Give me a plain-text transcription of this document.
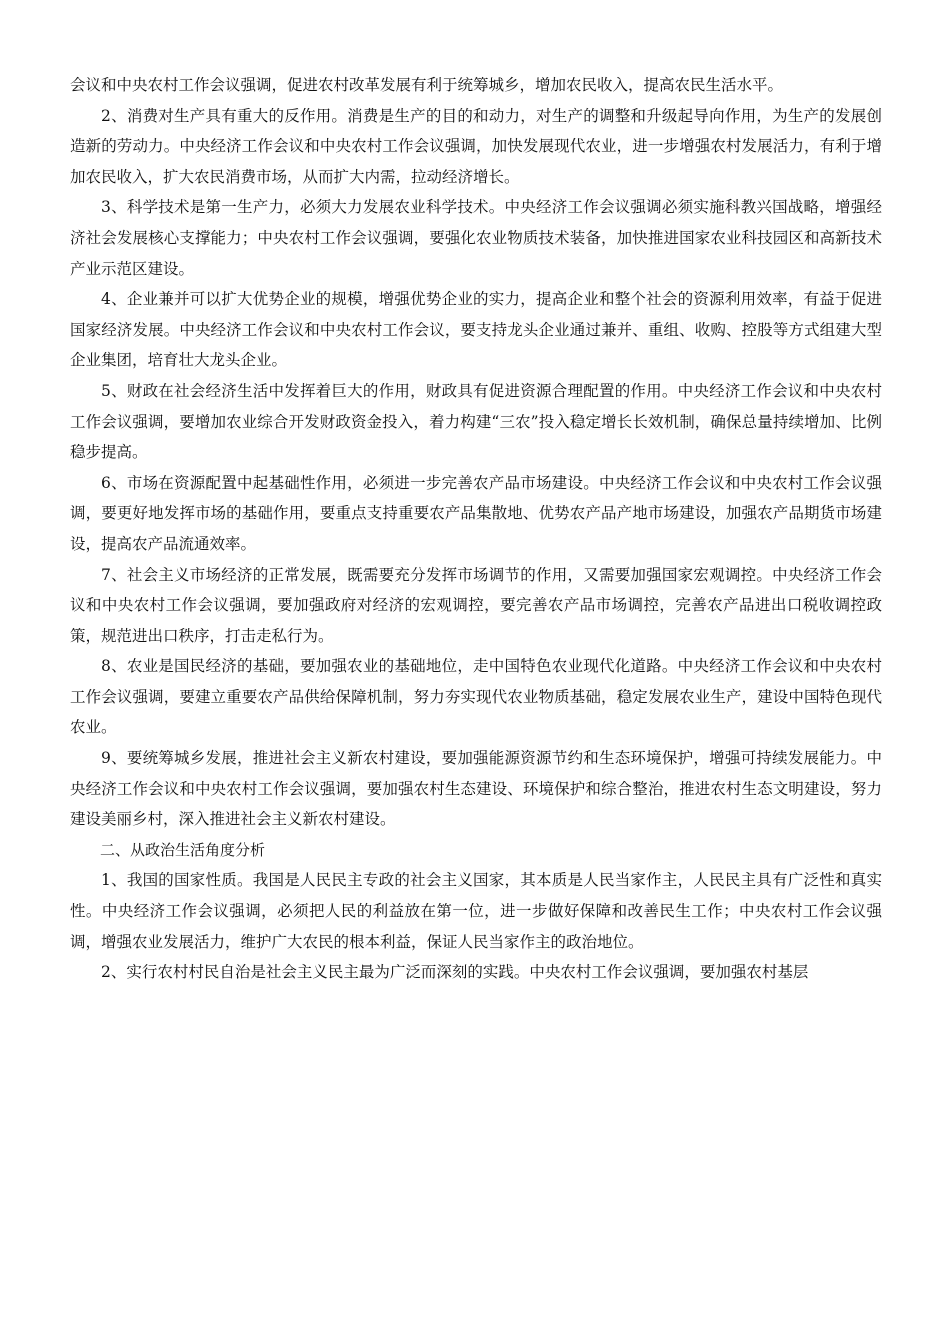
会议和中央农村工作会议强调，促进农村改革发展有利于统筹城乡，增加农民收入，提高农民生活水平。

2、消费对生产具有重大的反作用。消费是生产的目的和动力，对生产的调整和升级起导向作用，为生产的发展创造新的劳动力。中央经济工作会议和中央农村工作会议强调，加快发展现代农业，进一步增强农村发展活力，有利于增加农民收入，扩大农民消费市场，从而扩大内需，拉动经济增长。

3、科学技术是第一生产力，必须大力发展农业科学技术。中央经济工作会议强调必须实施科教兴国战略，增强经济社会发展核心支撑能力；中央农村工作会议强调，要强化农业物质技术装备，加快推进国家农业科技园区和高新技术产业示范区建设。

4、企业兼并可以扩大优势企业的规模，增强优势企业的实力，提高企业和整个社会的资源利用效率，有益于促进国家经济发展。中央经济工作会议和中央农村工作会议，要支持龙头企业通过兼并、重组、收购、控股等方式组建大型企业集团，培育壮大龙头企业。

5、财政在社会经济生活中发挥着巨大的作用，财政具有促进资源合理配置的作用。中央经济工作会议和中央农村工作会议强调，要增加农业综合开发财政资金投入，着力构建“三农”投入稳定增长长效机制，确保总量持续增加、比例稳步提高。

6、市场在资源配置中起基础性作用，必须进一步完善农产品市场建设。中央经济工作会议和中央农村工作会议强调，要更好地发挥市场的基础作用，要重点支持重要农产品集散地、优势农产品产地市场建设，加强农产品期货市场建设，提高农产品流通效率。

7、社会主义市场经济的正常发展，既需要充分发挥市场调节的作用，又需要加强国家宏观调控。中央经济工作会议和中央农村工作会议强调，要加强政府对经济的宏观调控，要完善农产品市场调控，完善农产品进出口税收调控政策，规范进出口秩序，打击走私行为。

8、农业是国民经济的基础，要加强农业的基础地位，走中国特色农业现代化道路。中央经济工作会议和中央农村工作会议强调，要建立重要农产品供给保障机制，努力夯实现代农业物质基础，稳定发展农业生产，建设中国特色现代农业。

9、要统筹城乡发展，推进社会主义新农村建设，要加强能源资源节约和生态环境保护，增强可持续发展能力。中央经济工作会议和中央农村工作会议强调，要加强农村生态建设、环境保护和综合整治，推进农村生态文明建设，努力建设美丽乡村，深入推进社会主义新农村建设。

二、从政治生活角度分析

1、我国的国家性质。我国是人民民主专政的社会主义国家，其本质是人民当家作主，人民民主具有广泛性和真实性。中央经济工作会议强调，必须把人民的利益放在第一位，进一步做好保障和改善民生工作；中央农村工作会议强调，增强农业发展活力，维护广大农民的根本利益，保证人民当家作主的政治地位。

2、实行农村村民自治是社会主义民主最为广泛而深刻的实践。中央农村工作会议强调，要加强农村基层
